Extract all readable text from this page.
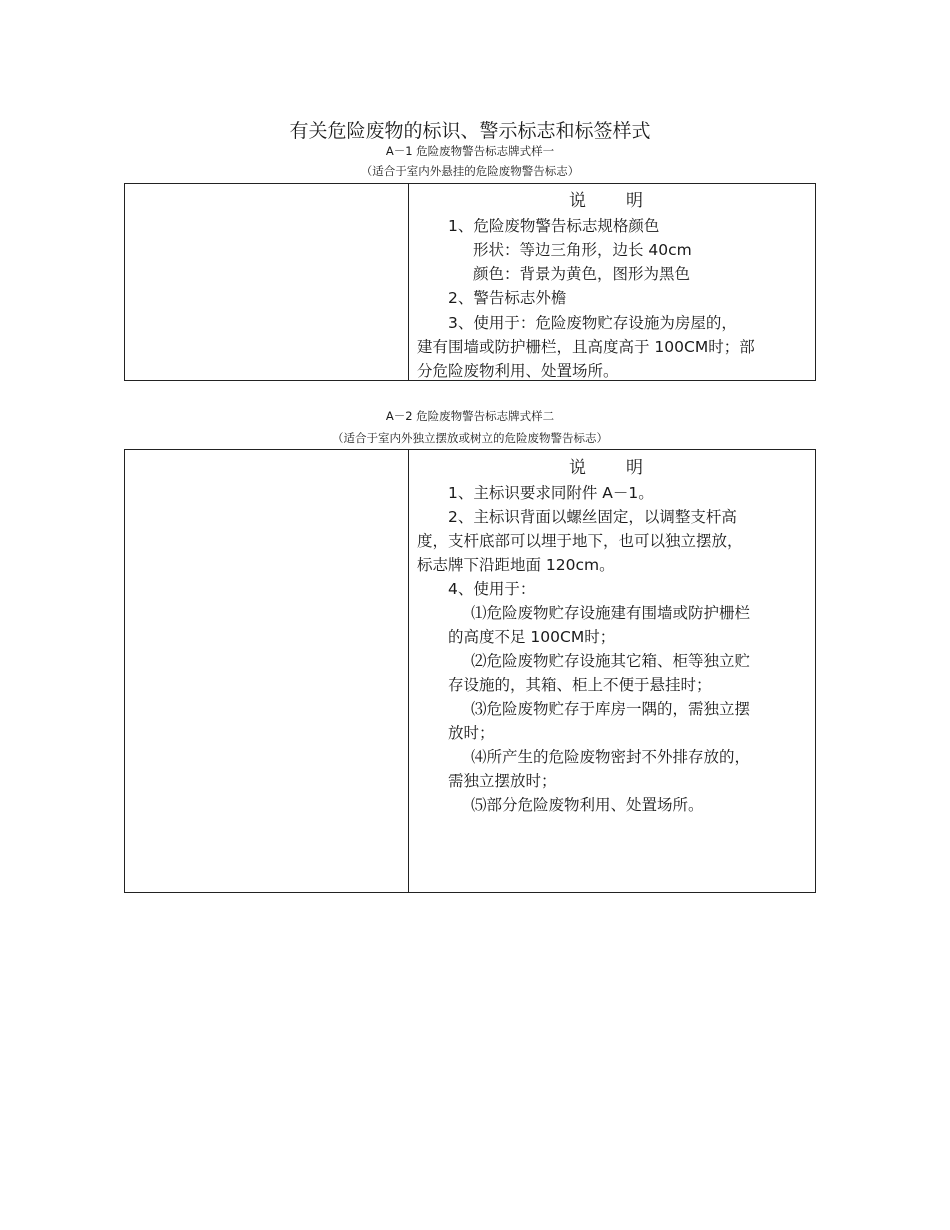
有关危险废物的标识、警示标志和标签样式
A－1 危险废物警告标志牌式样一
（适合于室内外悬挂的危险废物警告标志）
说 明
1、危险废物警告标志规格颜色
形状：等边三角形，边长 40cm
颜色：背景为黄色，图形为黑色
2、警告标志外檐
3、使用于：危险废物贮存设施为房屋的，
建有围墙或防护栅栏，且高度高于 100CM时；部
分危险废物利用、处置场所。
A－2 危险废物警告标志牌式样二
（适合于室内外独立摆放或树立的危险废物警告标志）
说 明
1、主标识要求同附件 A－1。
2、主标识背面以螺丝固定，以调整支杆高
度，支杆底部可以埋于地下，也可以独立摆放，
标志牌下沿距地面 120cm。
4、使用于：
⑴危险废物贮存设施建有围墙或防护栅栏
的高度不足 100CM时；
⑵危险废物贮存设施其它箱、柜等独立贮
存设施的，其箱、柜上不便于悬挂时；
⑶危险废物贮存于库房一隅的，需独立摆
放时；
⑷所产生的危险废物密封不外排存放的，
需独立摆放时；
⑸部分危险废物利用、处置场所。
